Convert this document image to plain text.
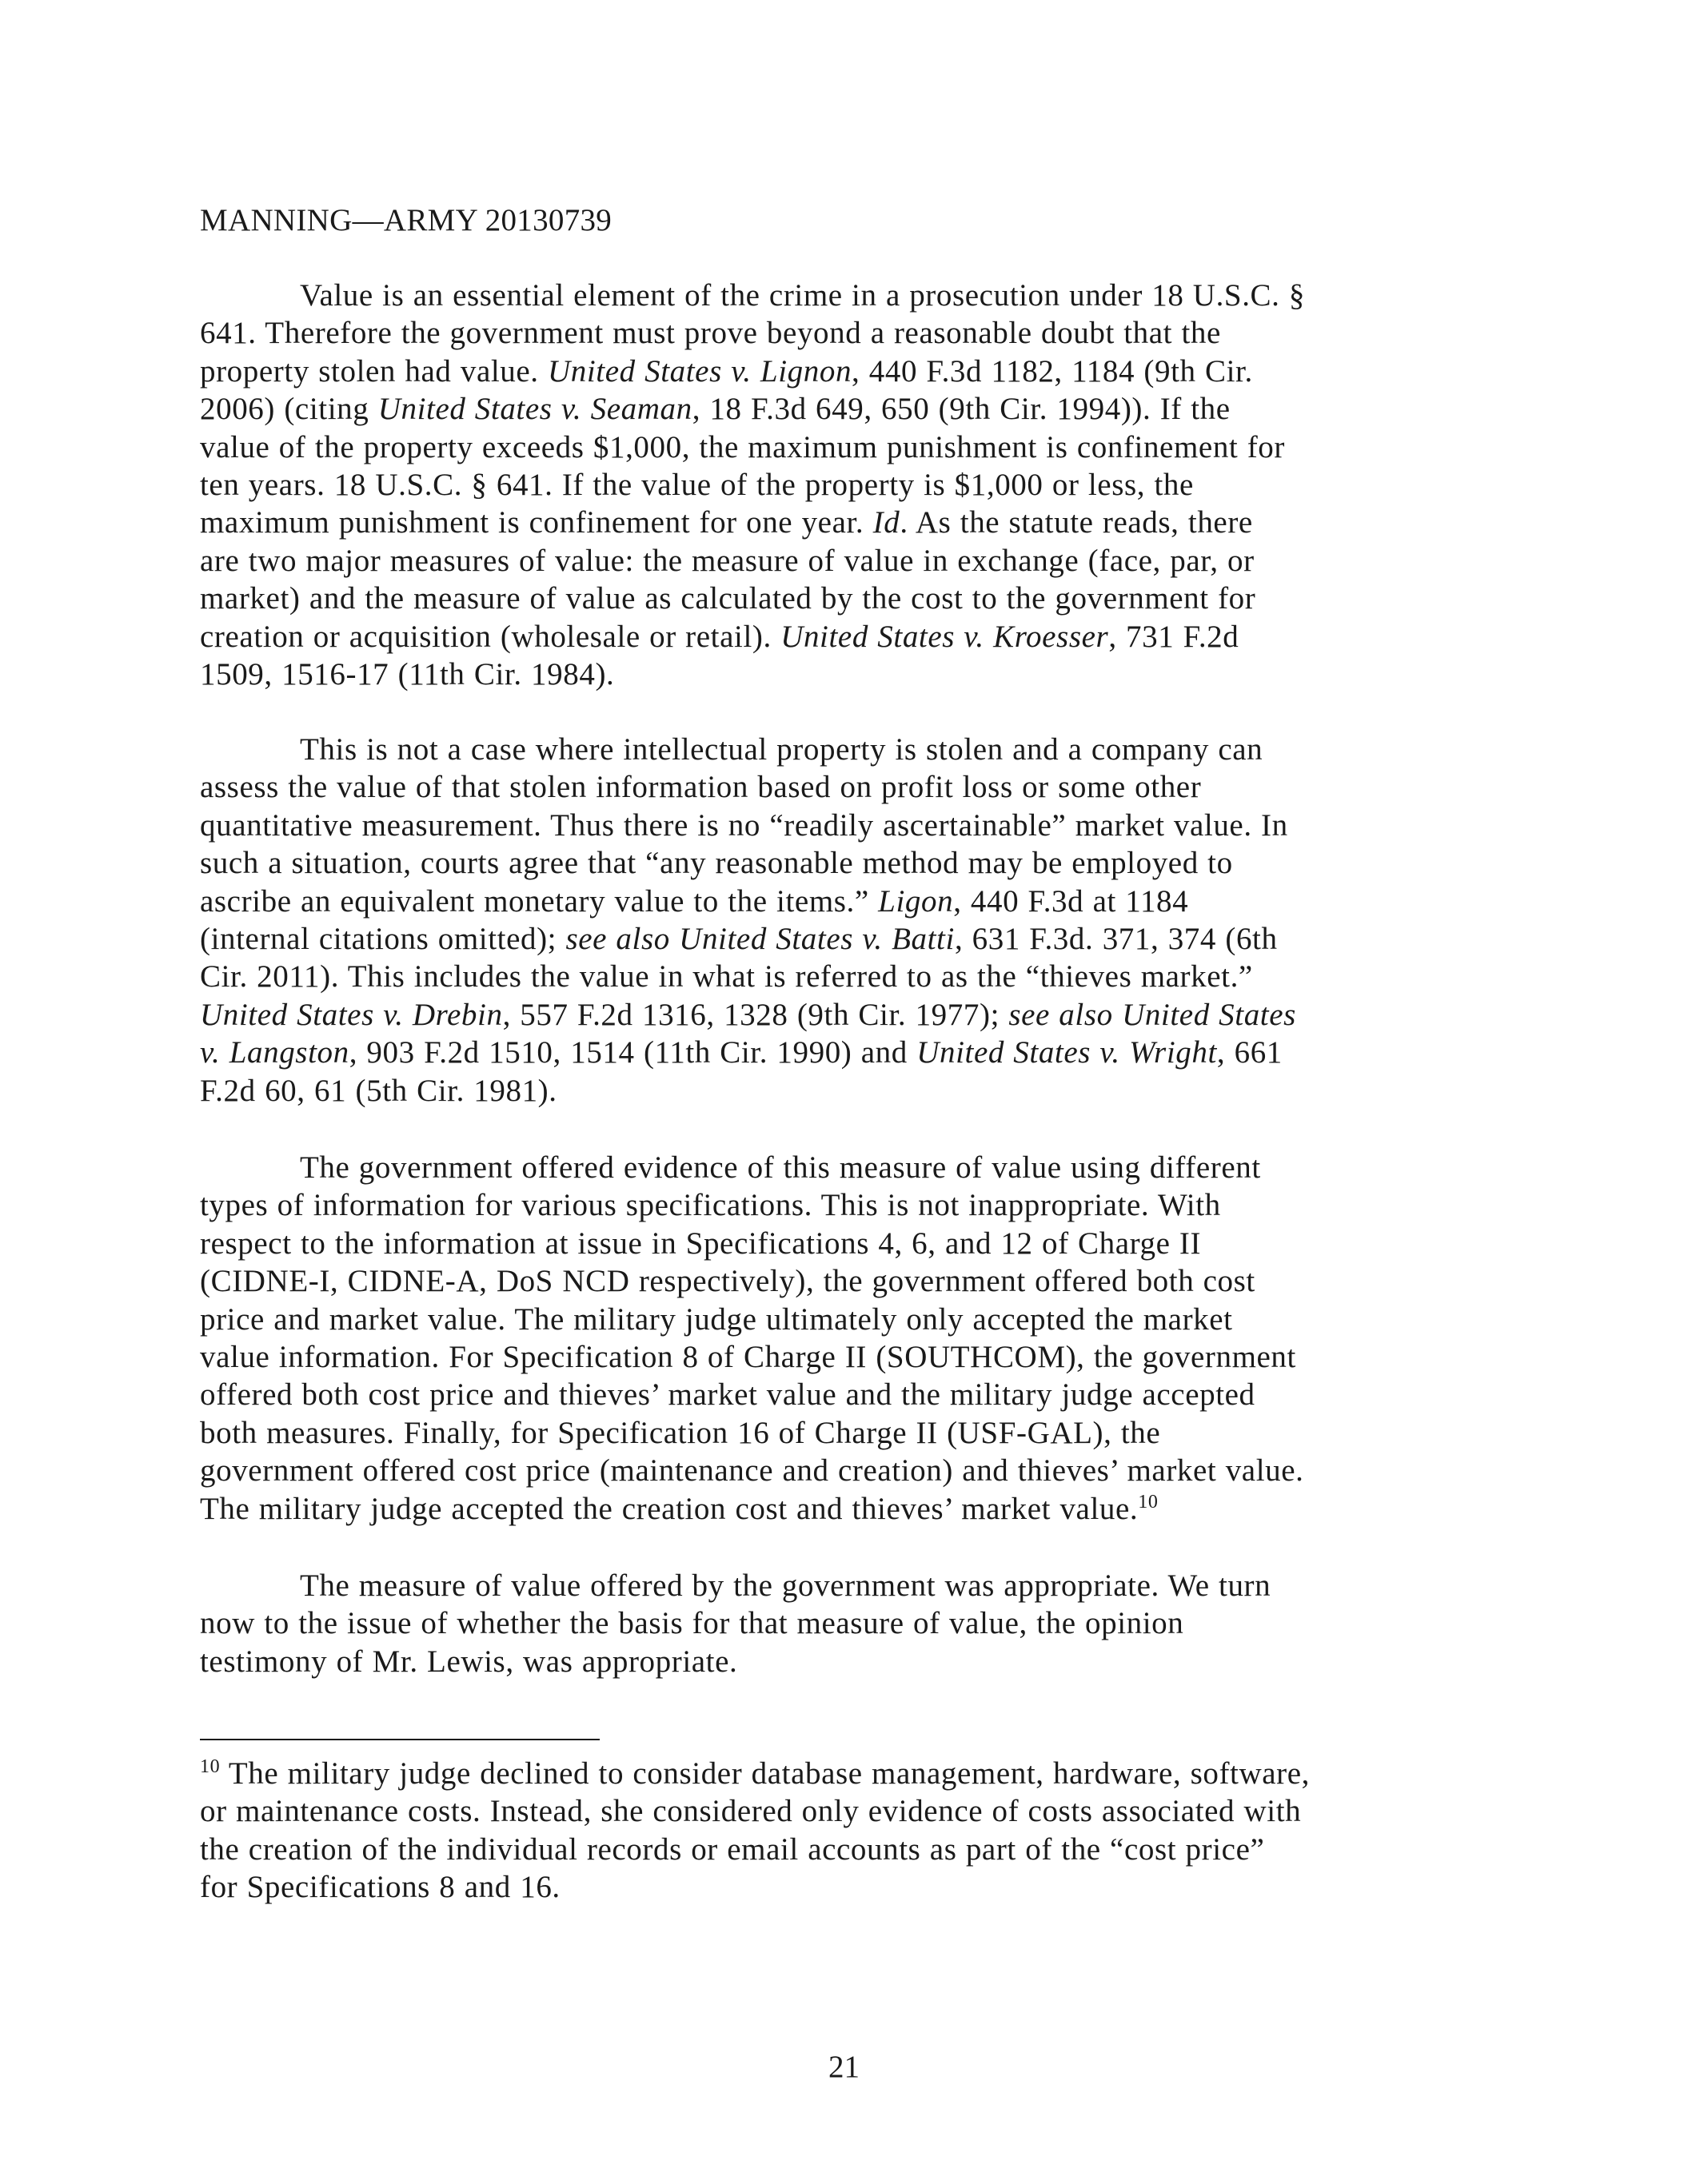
MANNING—ARMY 20130739

Value is an essential element of the crime in a prosecution under 18 U.S.C. §
641. Therefore the government must prove beyond a reasonable doubt that the
property stolen had value. United States v. Lignon, 440 F.3d 1182, 1184 (9th Cir.
2006) (citing United States v. Seaman, 18 F.3d 649, 650 (9th Cir. 1994)). If the
value of the property exceeds $1,000, the maximum punishment is confinement for
ten years. 18 U.S.C. § 641. If the value of the property is $1,000 or less, the
maximum punishment is confinement for one year. Id. As the statute reads, there
are two major measures of value: the measure of value in exchange (face, par, or
market) and the measure of value as calculated by the cost to the government for
creation or acquisition (wholesale or retail). United States v. Kroesser, 731 F.2d
1509, 1516-17 (11th Cir. 1984).

This is not a case where intellectual property is stolen and a company can
assess the value of that stolen information based on profit loss or some other
quantitative measurement. Thus there is no “readily ascertainable” market value. In
such a situation, courts agree that “any reasonable method may be employed to
ascribe an equivalent monetary value to the items.” Ligon, 440 F.3d at 1184
(internal citations omitted); see also United States v. Batti, 631 F.3d. 371, 374 (6th
Cir. 2011). This includes the value in what is referred to as the “thieves market.”
United States v. Drebin, 557 F.2d 1316, 1328 (9th Cir. 1977); see also United States
v. Langston, 903 F.2d 1510, 1514 (11th Cir. 1990) and United States v. Wright, 661
F.2d 60, 61 (5th Cir. 1981).

The government offered evidence of this measure of value using different
types of information for various specifications. This is not inappropriate. With
respect to the information at issue in Specifications 4, 6, and 12 of Charge II
(CIDNE-I, CIDNE-A, DoS NCD respectively), the government offered both cost
price and market value. The military judge ultimately only accepted the market
value information. For Specification 8 of Charge II (SOUTHCOM), the government
offered both cost price and thieves’ market value and the military judge accepted
both measures. Finally, for Specification 16 of Charge II (USF-GAL), the
government offered cost price (maintenance and creation) and thieves’ market value.
The military judge accepted the creation cost and thieves’ market value.$^{10}$

The measure of value offered by the government was appropriate. We turn
now to the issue of whether the basis for that measure of value, the opinion
testimony of Mr. Lewis, was appropriate.

$^{10}$ The military judge declined to consider database management, hardware, software,
or maintenance costs. Instead, she considered only evidence of costs associated with
the creation of the individual records or email accounts as part of the “cost price”
for Specifications 8 and 16.

21
